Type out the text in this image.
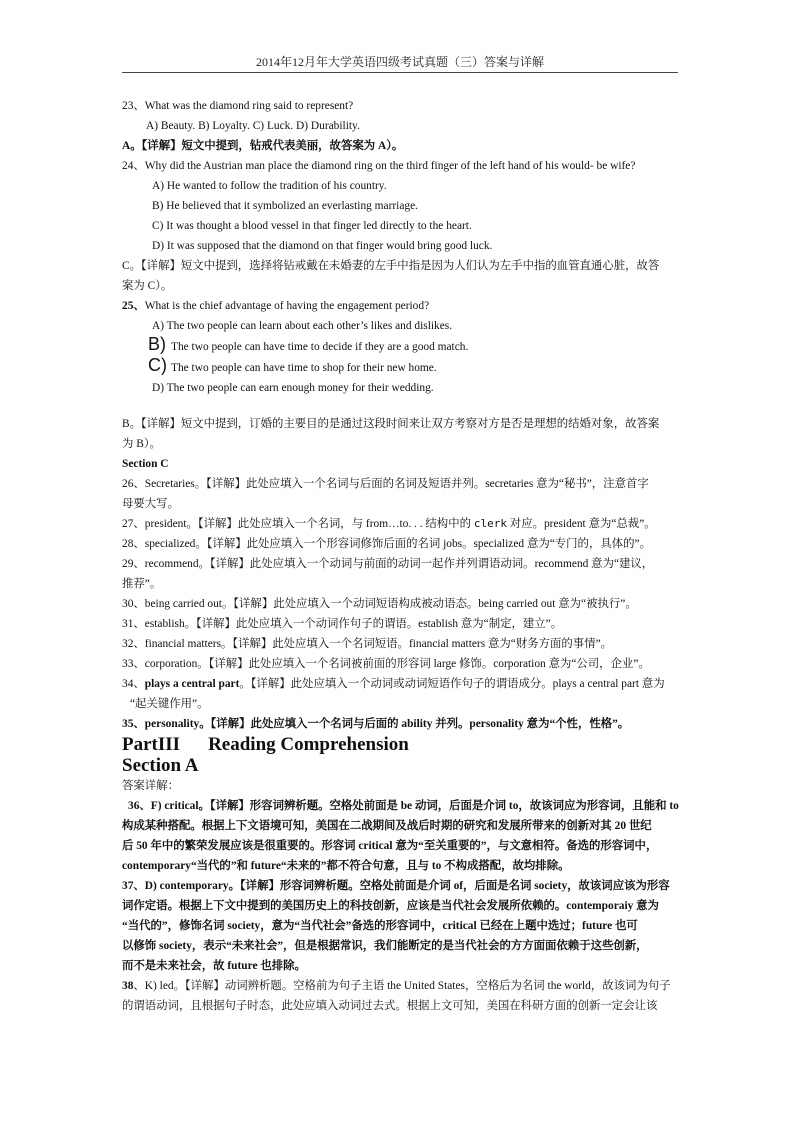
2014年12月年大学英语四级考试真题（三）答案与详解
23、What was the diamond ring said to represent?
A) Beauty. B) Loyalty. C) Luck. D) Durability.
A。【详解】短文中提到，钻戒代表美丽，故答案为 A）。
24、Why did the Austrian man place the diamond ring on the third finger of the left hand of his would- be wife?
A) He wanted to follow the tradition of his country.
B) He believed that it symbolized an everlasting marriage.
C) It was thought a blood vessel in that finger led directly to the heart.
D) It was supposed that the diamond on that finger would bring good luck.
C。【详解】短文中提到，选择将钻戒戴在未婚妻的左手中指是因为人们认为左手中指的血管直通心脏，故答
案为 C）。
25、What is the chief advantage of having the engagement period?
A) The two people can learn about each other’s likes and dislikes.
B) The two people can have time to decide if they are a good match.
C) The two people can have time to shop for their new home.
D) The two people can earn enough money for their wedding.
B。【详解】短文中提到，订婚的主要目的是通过这段时间来让双方考察对方是否是理想的结婚对象，故答案
为 B）。
Section C
26、Secretaries。【详解】此处应填入一个名词与后面的名词及短语并列。secretaries 意为“秘书”，注意首字
母要大写。
27、president。【详解】此处应填入一个名词，与 from…to. . . 结构中的 clerk 对应。president 意为“总裁”。
28、specialized。【详解】此处应填入一个形容词修饰后面的名词 jobs。specialized 意为“专门的，具体的”。
29、recommend。【详解】此处应填入一个动词与前面的动词一起作并列谓语动词。recommend 意为“建议，
推荐”。
30、being carried out。【详解】此处应填入一个动词短语构成被动语态。being carried out 意为“被执行”。
31、establish。【详解】此处应填入一个动词作句子的谓语。establish 意为“制定，建立”。
32、financial matters。【详解】此处应填入一个名词短语。financial matters 意为“财务方面的事情”。
33、corporation。【详解】此处应填入一个名词被前面的形容词 large 修饰。corporation 意为“公司，企业”。
34、plays a central part。【详解】此处应填入一个动词或动词短语作句子的谓语成分。plays a central part 意为
“起关键作用”。
35、personality。【详解】此处应填入一个名词与后面的 ability 并列。personality 意为“个性，性格”。
PartIII Reading Comprehension
Section A
答案详解：
36、F) critical。【详解】形容词辨析题。空格处前面是 be 动词，后面是介词 to，故该词应为形容词，且能和 to
构成某种搭配。根据上下文语境可知，美国在二战期间及战后时期的研究和发展所带来的创新对其 20 世纪
后 50 年中的繁荣发展应该是很重要的。形容词 critical 意为“至关重要的”，与文意相符。备选的形容词中，
contemporary“当代的”和 future“未来的”都不符合句意，且与 to 不构成搭配，故均排除。
37、D) contemporary。【详解】形容词辨析题。空格处前面是介词 of，后面是名词 society，故该词应该为形容
词作定语。根据上下文中提到的美国历史上的科技创新，应该是当代社会发展所依赖的。contemporaiy 意为
“当代的”，修饰名词 society，意为“当代社会”备选的形容词中，critical 已经在上题中选过；future 也可
以修饰 society，表示“未来社会”，但是根据常识，我们能断定的是当代社会的方方面面依赖于这些创新，
而不是未来社会，故 future 也排除。
38、K) led。【详解】动词辨析题。空格前为句子主语 the United States，空格后为名词 the world，故该词为句子
的谓语动词，且根据句子时态，此处应填入动词过去式。根据上文可知，美国在科研方面的创新一定会让该
